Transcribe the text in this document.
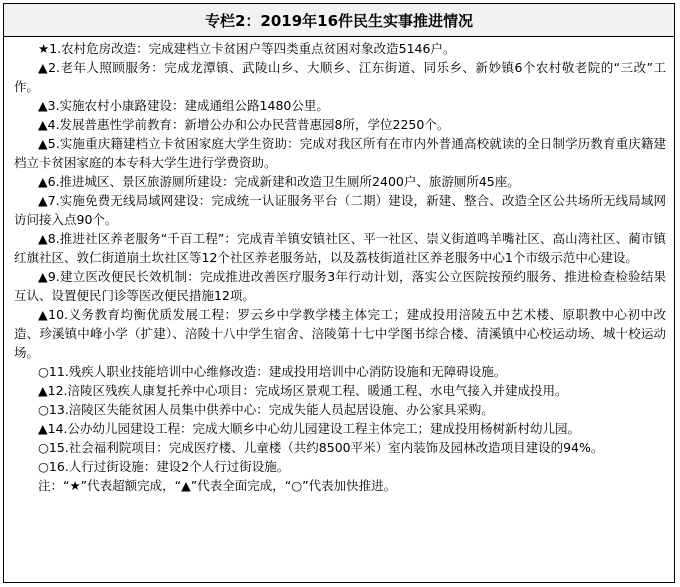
专栏2：2019年16件民生实事推进情况

★1.农村危房改造：完成建档立卡贫困户等四类重点贫困对象改造5146户。

▲2.老年人照顾服务：完成龙潭镇、武陵山乡、大顺乡、江东街道、同乐乡、新妙镇6个农村敬老院的“三改”工作。

▲3.实施农村小康路建设：建成通组公路1480公里。

▲4.发展普惠性学前教育：新增公办和公办民营普惠园8所，学位2250个。

▲5.实施重庆籍建档立卡贫困家庭大学生资助：完成对我区所有在市内外普通高校就读的全日制学历教育重庆籍建档立卡贫困家庭的本专科大学生进行学费资助。

▲6.推进城区、景区旅游厕所建设：完成新建和改造卫生厕所2400户、旅游厕所45座。

▲7.实施免费无线局域网建设：完成统一认证服务平台（二期）建设，新建、整合、改造全区公共场所无线局域网访问接入点90个。

▲8.推进社区养老服务“千百工程”：完成青羊镇安镇社区、平一社区、崇义街道鸣羊嘴社区、高山湾社区、蔺市镇红旗社区、敦仁街道崩土坎社区等12个社区养老服务站，以及荔枝街道社区养老服务中心1个市级示范中心建设。

▲9.建立医改便民长效机制：完成推进改善医疗服务3年行动计划，落实公立医院按预约服务、推进检查检验结果互认、设置便民门诊等医改便民措施12项。

▲10.义务教育均衡优质发展工程：罗云乡中学教学楼主体完工；建成投用涪陵五中艺术楼、原职教中心初中改造、珍溪镇中峰小学（扩建）、涪陵十八中学生宿舍、涪陵第十七中学图书综合楼、清溪镇中心校运动场、城十校运动场。

○11.残疾人职业技能培训中心维修改造：建成投用培训中心消防设施和无障碍设施。

▲12.涪陵区残疾人康复托养中心项目：完成场区景观工程、暖通工程、水电气接入并建成投用。

○13.涪陵区失能贫困人员集中供养中心：完成失能人员起居设施、办公家具采购。

▲14.公办幼儿园建设工程：完成大顺乡中心幼儿园建设工程主体完工；建成投用杨树新村幼儿园。

○15.社会福利院项目：完成医疗楼、儿童楼（共约8500平米）室内装饰及园林改造项目建设的94%。

○16.人行过街设施：建设2个人行过街设施。

注：“★”代表超额完成，“▲”代表全面完成，“○”代表加快推进。
